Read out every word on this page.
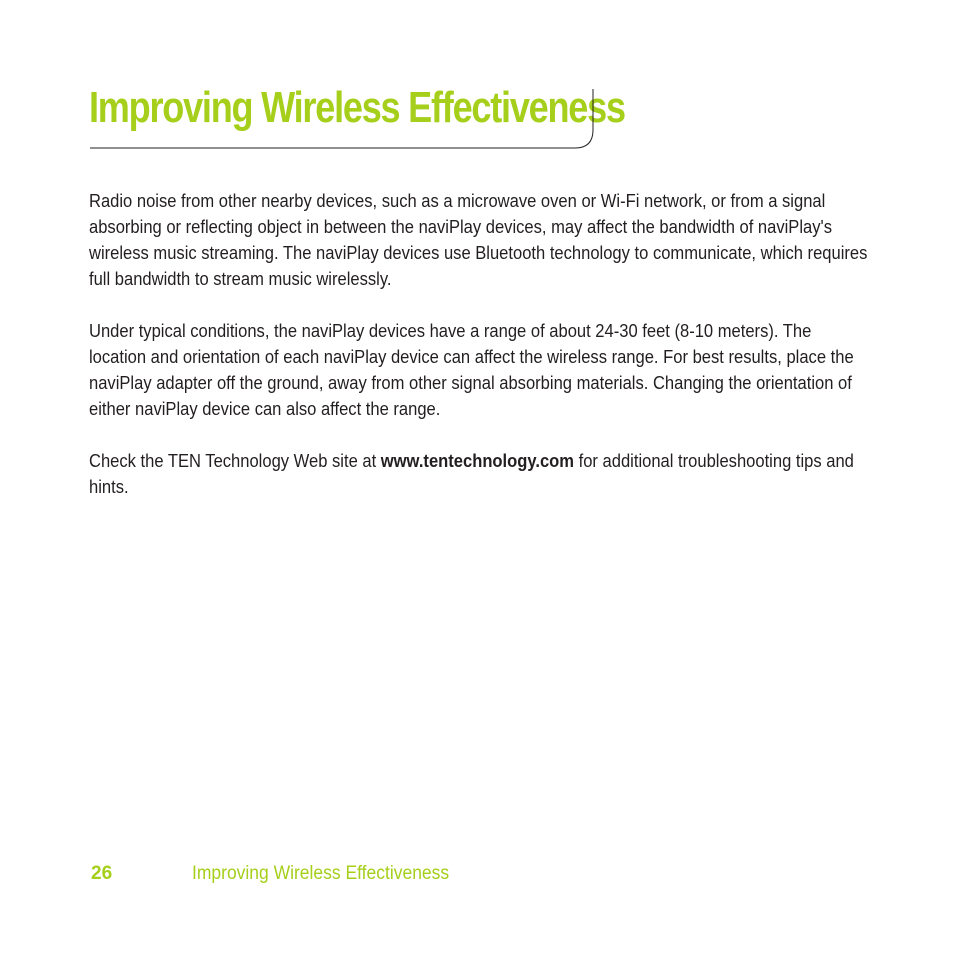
Improving Wireless Effectiveness

Radio noise from other nearby devices, such as a microwave oven or Wi-Fi network, or from a signal absorbing or reflecting object in between the naviPlay devices, may affect the bandwidth of naviPlay's wireless music streaming. The naviPlay devices use Bluetooth technology to communicate, which requires full bandwidth to stream music wirelessly.

Under typical conditions, the naviPlay devices have a range of about 24-30 feet (8-10 meters). The location and orientation of each naviPlay device can affect the wireless range. For best results, place the naviPlay adapter off the ground, away from other signal absorbing materials. Changing the orientation of either naviPlay device can also affect the range.

Check the TEN Technology Web site at www.tentechnology.com for additional troubleshooting tips and hints.

26	Improving Wireless Effectiveness
